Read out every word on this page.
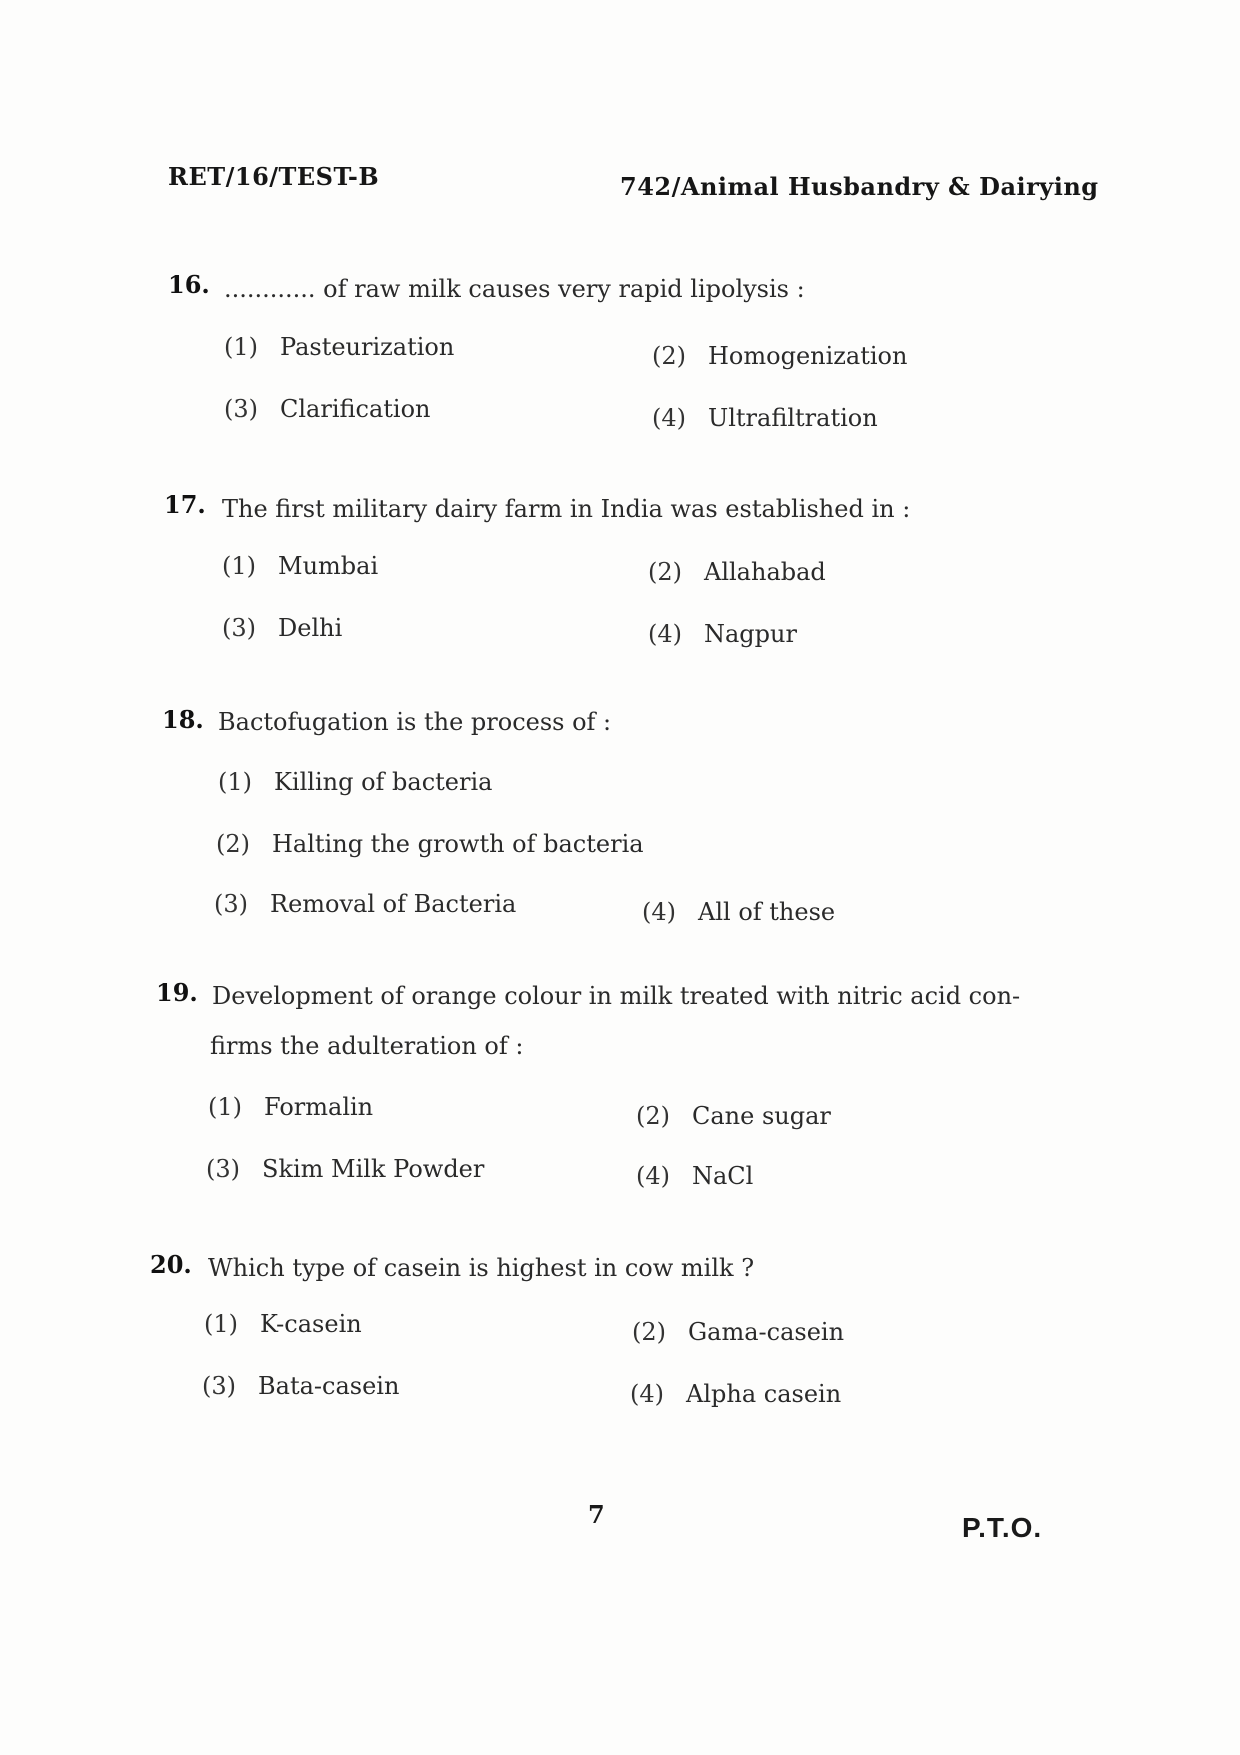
RET/16/TEST-B	742/Animal Husbandry & Dairying
16. ............ of raw milk causes very rapid lipolysis :
(1) Pasteurization	(2) Homogenization
(3) Clarification	(4) Ultrafiltration
17. The first military dairy farm in India was established in :
(1) Mumbai	(2) Allahabad
(3) Delhi	(4) Nagpur
18. Bactofugation is the process of :
(1) Killing of bacteria
(2) Halting the growth of bacteria
(3) Removal of Bacteria	(4) All of these
19. Development of orange colour in milk treated with nitric acid con-
firms the adulteration of :
(1) Formalin	(2) Cane sugar
(3) Skim Milk Powder	(4) NaCl
20. Which type of casein is highest in cow milk ?
(1) K-casein	(2) Gama-casein
(3) Bata-casein	(4) Alpha casein
7	P.T.O.
